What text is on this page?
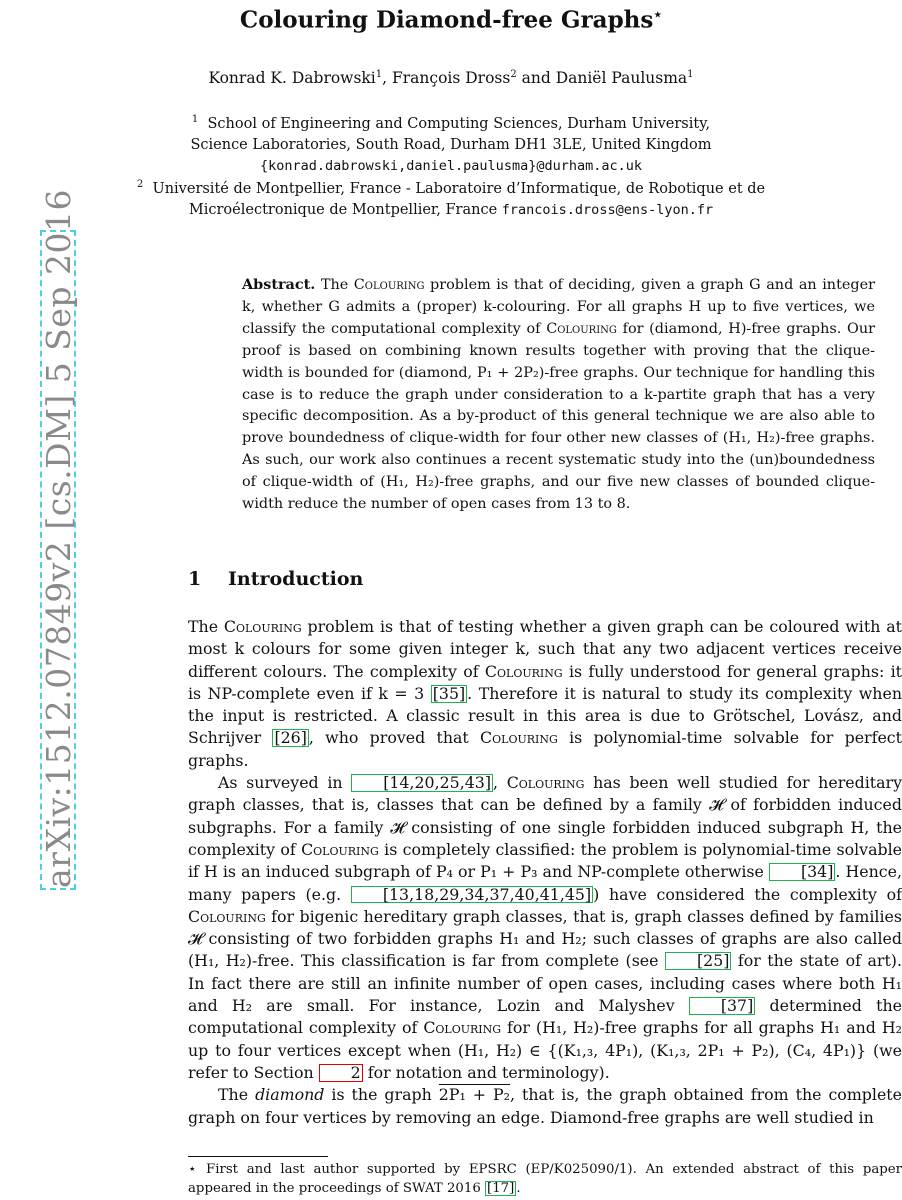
Colouring Diamond-free Graphs⋆
Konrad K. Dabrowski$^1$, François Dross$^2$ and Daniël Paulusma$^1$
$^1$ School of Engineering and Computing Sciences, Durham University,
Science Laboratories, South Road, Durham DH1 3LE, United Kingdom
{konrad.dabrowski,daniel.paulusma}@durham.ac.uk
$^2$ Université de Montpellier, France - Laboratoire d’Informatique, de Robotique et de
Microélectronique de Montpellier, France francois.dross@ens-lyon.fr
arXiv:1512.07849v2 [cs.DM] 5 Sep 2016	Abstract. The Colouring problem is that of deciding, given a graph G and an integer k, whether G admits a (proper) k-colouring. For all graphs H up to five vertices, we classify the computational complexity of Colouring for (diamond, H)-free graphs. Our proof is based on combining known results together with proving that the clique-width is bounded for (diamond, P₁ + 2P₂)-free graphs. Our technique for handling this case is to reduce the graph under consideration to a k-partite graph that has a very specific decomposition. As a by-product of this general technique we are also able to prove boundedness of clique-width for four other new classes of (H₁, H₂)-free graphs. As such, our work also continues a recent systematic study into the (un)boundedness of clique-width of (H₁, H₂)-free graphs, and our five new classes of bounded clique-width reduce the number of open cases from 13 to 8.
1 Introduction

The Colouring problem is that of testing whether a given graph can be coloured with at most k colours for some given integer k, such that any two adjacent vertices receive different colours. The complexity of Colouring is fully understood for general graphs: it is NP-complete even if k = 3 [35] . Therefore it is natural to study its complexity when the input is restricted. A classic result in this area is due to Grötschel, Lovász, and Schrijver [26] , who proved that Colouring is polynomial-time solvable for perfect graphs.

As surveyed in [14,20,25,43] , Colouring has been well studied for hereditary graph classes, that is, classes that can be defined by a family 𝓗 of forbidden induced subgraphs. For a family 𝓗 consisting of one single forbidden induced subgraph H, the complexity of Colouring is completely classified: the problem is polynomial-time solvable if H is an induced subgraph of P₄ or P₁ + P₃ and NP-complete otherwise [34] . Hence, many papers (e.g. [13,18,29,34,37,40,41,45] ) have considered the complexity of Colouring for bigenic hereditary graph classes, that is, graph classes defined by families 𝓗 consisting of two forbidden graphs H₁ and H₂; such classes of graphs are also called (H₁, H₂)-free. This classification is far from complete (see [25] for the state of art). In fact there are still an infinite number of open cases, including cases where both H₁ and H₂ are small. For instance, Lozin and Malyshev [37] determined the computational complexity of Colouring for (H₁, H₂)-free graphs for all graphs H₁ and H₂ up to four vertices except when (H₁, H₂) ∈ {(K₁,₃, 4P₁), (K₁,₃, 2P₁ + P₂), (C₄, 4P₁)} (we refer to Section 2 for notation and terminology).

The diamond is the graph 2P₁ + P₂, that is, the graph obtained from the complete graph on four vertices by removing an edge. Diamond-free graphs are well studied in

⋆ First and last author supported by EPSRC (EP/K025090/1). An extended abstract of this paper appeared in the proceedings of SWAT 2016 [17] .
